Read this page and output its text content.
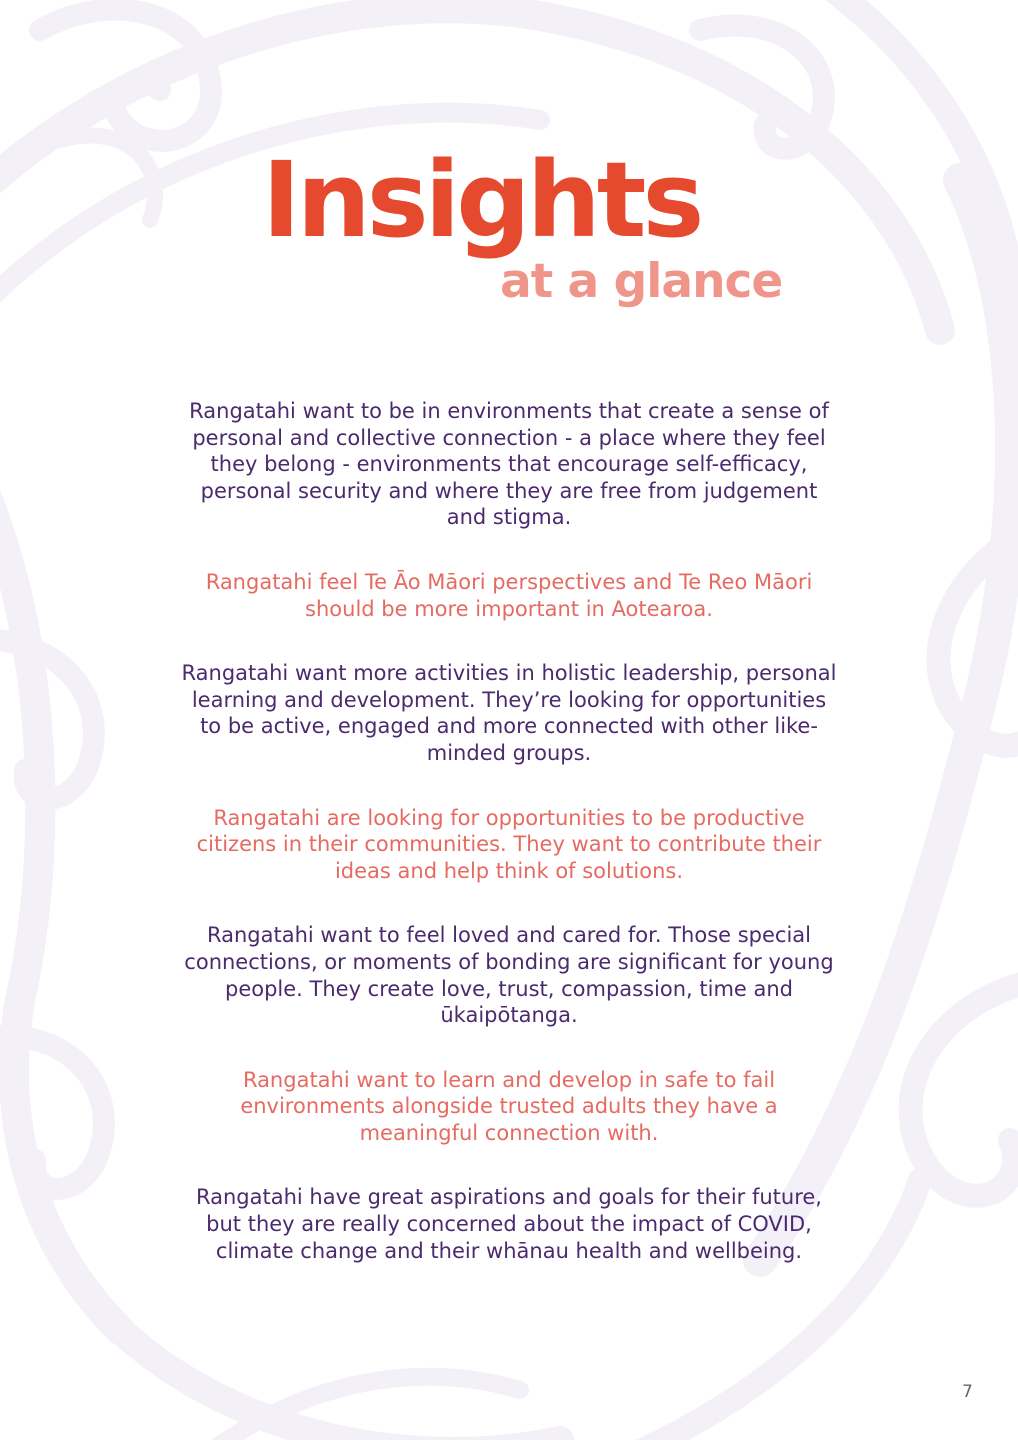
Insights
at a glance

Rangatahi want to be in environments that create a sense of personal and collective connection - a place where they feel they belong - environments that encourage self-efficacy, personal security and where they are free from judgement and stigma.

Rangatahi feel Te Āo Māori perspectives and Te Reo Māori should be more important in Aotearoa.

Rangatahi want more activities in holistic leadership, personal learning and development. They’re looking for opportunities to be active, engaged and more connected with other like-minded groups.

Rangatahi are looking for opportunities to be productive citizens in their communities. They want to contribute their ideas and help think of solutions.

Rangatahi want to feel loved and cared for. Those special connections, or moments of bonding are significant for young people. They create love, trust, compassion, time and ūkaipōtanga.

Rangatahi want to learn and develop in safe to fail environments alongside trusted adults they have a meaningful connection with.

Rangatahi have great aspirations and goals for their future, but they are really concerned about the impact of COVID, climate change and their whānau health and wellbeing.

7
